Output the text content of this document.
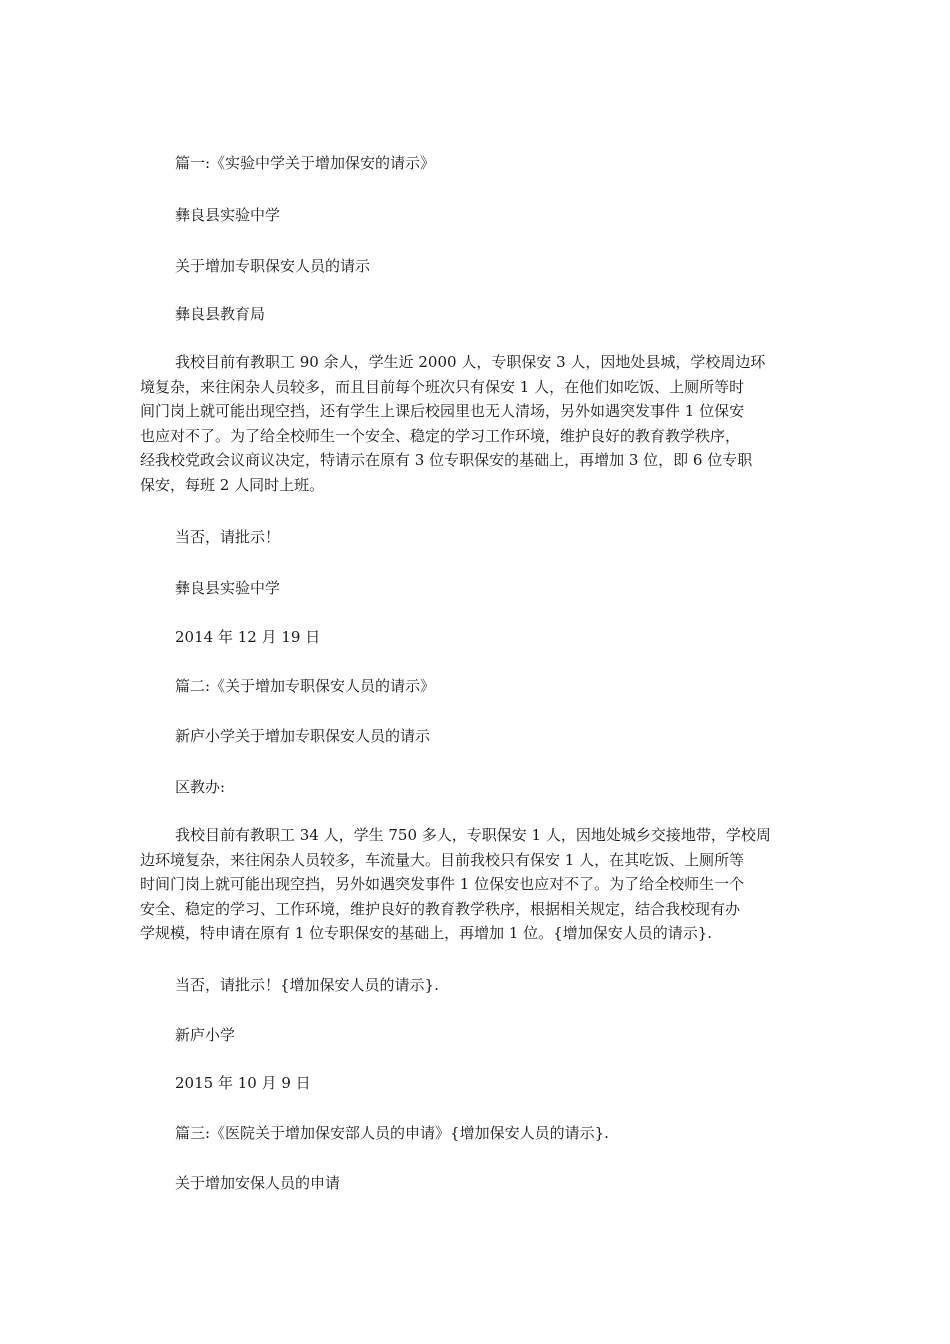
篇一:《实验中学关于增加保安的请示》
彝良县实验中学
关于增加专职保安人员的请示
彝良县教育局
我校目前有教职工 90 余人，学生近 2000 人，专职保安 3 人，因地处县城，学校周边环
境复杂，来往闲杂人员较多，而且目前每个班次只有保安 1 人，在他们如吃饭、上厕所等时
间门岗上就可能出现空挡，还有学生上课后校园里也无人清场，另外如遇突发事件 1 位保安
也应对不了。为了给全校师生一个安全、稳定的学习工作环境，维护良好的教育教学秩序，
经我校党政会议商议决定，特请示在原有 3 位专职保安的基础上，再增加 3 位，即 6 位专职
保安，每班 2 人同时上班。
当否，请批示！
彝良县实验中学
2014 年 12 月 19 日
篇二:《关于增加专职保安人员的请示》
新庐小学关于增加专职保安人员的请示
区教办:
我校目前有教职工 34 人，学生 750 多人，专职保安 1 人，因地处城乡交接地带，学校周
边环境复杂，来往闲杂人员较多，车流量大。目前我校只有保安 1 人，在其吃饭、上厕所等
时间门岗上就可能出现空挡，另外如遇突发事件 1 位保安也应对不了。为了给全校师生一个
安全、稳定的学习、工作环境，维护良好的教育教学秩序，根据相关规定，结合我校现有办
学规模，特申请在原有 1 位专职保安的基础上，再增加 1 位。{增加保安人员的请示}.
当否，请批示！{增加保安人员的请示}.
新庐小学
2015 年 10 月 9 日
篇三:《医院关于增加保安部人员的申请》{增加保安人员的请示}.
关于增加安保人员的申请
